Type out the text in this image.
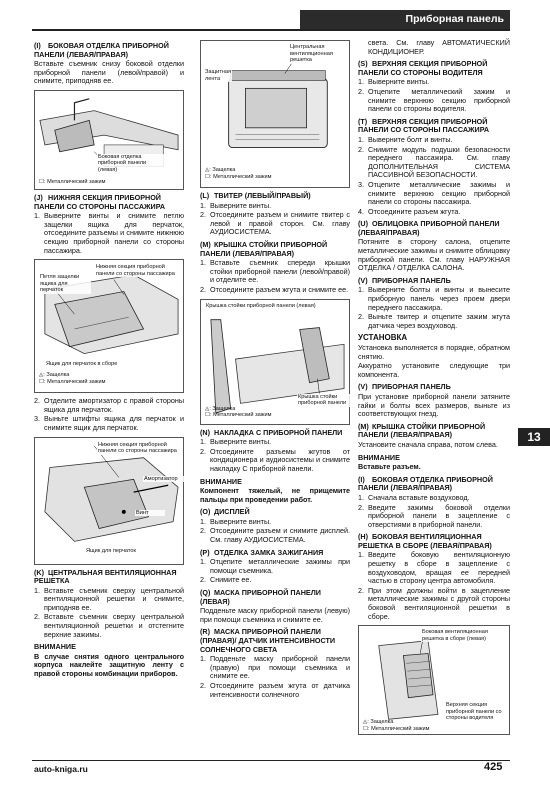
Приборная панель
(I) БОКОВАЯ ОТДЕЛКА ПРИБОРНОЙ ПАНЕЛИ (ЛЕВАЯ/ПРАВАЯ)
Вставьте съемник снизу боковой отделки приборной панели (левой/правой) и снимите, приподняв ее.
Боковая отделка приборной панели (левая)
☐: Металлический зажим
(J) НИЖНЯЯ СЕКЦИЯ ПРИБОРНОЙ ПАНЕЛИ СО СТОРОНЫ ПАССАЖИРА
1. Выверните винты и снимите петлю защелки ящика для перчаток, отсоедините разъемы и снимите нижнюю секцию приборной панели со стороны пассажира.
Нижняя секция приборной панели со стороны пассажира
Петля защелки ящика для перчаток
Ящик для перчаток в сборе
◬: Защелка
☐: Металлический зажим
2. Отделите амортизатор с правой стороны ящика для перчаток.
3. Выньте штифты ящика для перчаток и снимите ящик для перчаток.
Нижняя секция приборной панели со стороны пассажира
Амортизатор
Винт
Ящик для перчаток
(K) ЦЕНТРАЛЬНАЯ ВЕНТИЛЯЦИОННАЯ РЕШЕТКА
1. Вставьте съемник сверху центральной вентиляционной решетки и снимите, приподняв ее.
2. Вставьте съемник сверху центральной вентиляционной решетки и отстегните верхние зажимы.
ВНИМАНИЕ
В случае снятия одного центрального корпуса наклейте защитную ленту с правой стороны комбинации приборов.
Центральная вентиляционная решетка
Защитная лента
◬: Защелка
☐: Металлический зажим
(L) ТВИТЕР (ЛЕВЫЙ/ПРАВЫЙ)
1. Выверните винты.
2. Отсоедините разъем и снимите твитер с левой и правой сторон. См. главу АУДИОСИСТЕМА.
(M) КРЫШКА СТОЙКИ ПРИБОРНОЙ ПАНЕЛИ (ЛЕВАЯ/ПРАВАЯ)
1. Вставьте съемник спереди крышки стойки приборной панели (левой/правой) и отделите ее.
2. Отсоедините разъем жгута и снимите ее.
Крышка стойки приборной панели (левая)
Крышка стойки приборной панели
◬: Защелка
☐: Металлический зажим
(N) НАКЛАДКА С ПРИБОРНОЙ ПАНЕЛИ
1. Выверните винты.
2. Отсоедините разъемы жгутов от кондиционера и аудиосистемы и снимите накладку С приборной панели.
ВНИМАНИЕ
Компонент тяжелый, не прищемите пальцы при проведении работ.
(O) ДИСПЛЕЙ
1. Выверните винты.
2. Отсоедините разъем и снимите дисплей. См. главу АУДИОСИСТЕМА.
(P) ОТДЕЛКА ЗАМКА ЗАЖИГАНИЯ
1. Отцепите металлические зажимы при помощи съемника.
2. Снимите ее.
(Q) МАСКА ПРИБОРНОЙ ПАНЕЛИ (ЛЕВАЯ)
Подденьте маску приборной панели (левую) при помощи съемника и снимите ее.
(R) МАСКА ПРИБОРНОЙ ПАНЕЛИ (ПРАВАЯ)/ ДАТЧИК ИНТЕНСИВНОСТИ СОЛНЕЧНОГО СВЕТА
1. Подденьте маску приборной панели (правую) при помощи съемника и снимите ее.
2. Отсоедините разъем жгута от датчика интенсивности солнечного
света. См. главу АВТОМАТИЧЕСКИЙ КОНДИЦИОНЕР.
(S) ВЕРХНЯЯ СЕКЦИЯ ПРИБОРНОЙ ПАНЕЛИ СО СТОРОНЫ ВОДИТЕЛЯ
1. Выверните винты.
2. Отцепите металлический зажим и снимите верхнюю секцию приборной панели со стороны водителя.
(T) ВЕРХНЯЯ СЕКЦИЯ ПРИБОРНОЙ ПАНЕЛИ СО СТОРОНЫ ПАССАЖИРА
1. Выверните болт и винты.
2. Снимите модуль подушки безопасности переднего пассажира. См. главу ДОПОЛНИТЕЛЬНАЯ СИСТЕМА ПАССИВНОЙ БЕЗОПАСНОСТИ.
3. Отцепите металлические зажимы и снимите верхнюю секцию приборной панели со стороны пассажира.
4. Отсоедините разъем жгута.
(U) ОБЛИЦОВКА ПРИБОРНОЙ ПАНЕЛИ (ЛЕВАЯ/ПРАВАЯ)
Потяните в сторону салона, отцепите металлические зажимы и снимите облицовку приборной панели. См. главу НАРУЖНАЯ ОТДЕЛКА / ОТДЕЛКА САЛОНА.
(V) ПРИБОРНАЯ ПАНЕЛЬ
1. Выверните болты и винты и вынесите приборную панель через проем двери переднего пассажира.
2. Выньте твитер и отцепите зажим жгута датчика через воздуховод.
УСТАНОВКА
Установка выполняется в порядке, обратном снятию.
Аккуратно установите следующие три компонента.
(V) ПРИБОРНАЯ ПАНЕЛЬ
При установке приборной панели затяните гайки и болты всех размеров, выньте из соответствующих гнезд.
(M) КРЫШКА СТОЙКИ ПРИБОРНОЙ ПАНЕЛИ (ЛЕВАЯ/ПРАВАЯ)
Установите сначала справа, потом слева.
ВНИМАНИЕ
Вставьте разъем.
(I) БОКОВАЯ ОТДЕЛКА ПРИБОРНОЙ ПАНЕЛИ (ЛЕВАЯ/ПРАВАЯ)
1. Сначала вставьте воздуховод.
2. Введите зажимы боковой отделки приборной панели в зацепление с отверстиями в приборной панели.
(H) БОКОВАЯ ВЕНТИЛЯЦИОННАЯ РЕШЕТКА В СБОРЕ (ЛЕВАЯ/ПРАВАЯ)
1. Введите боковую вентиляционную решетку в сборе в зацепление с воздуховодом, вращая ее передней частью в сторону центра автомобиля.
2. При этом должны войти в зацепление металлические зажимы с другой стороны боковой вентиляционной решетки в сборе.
Боковая вентиляционная решетка в сборе (левая)
Верхняя секция приборной панели со стороны водителя
◬: Защелка
☐: Металлический зажим
13
auto-kniga.ru	425
